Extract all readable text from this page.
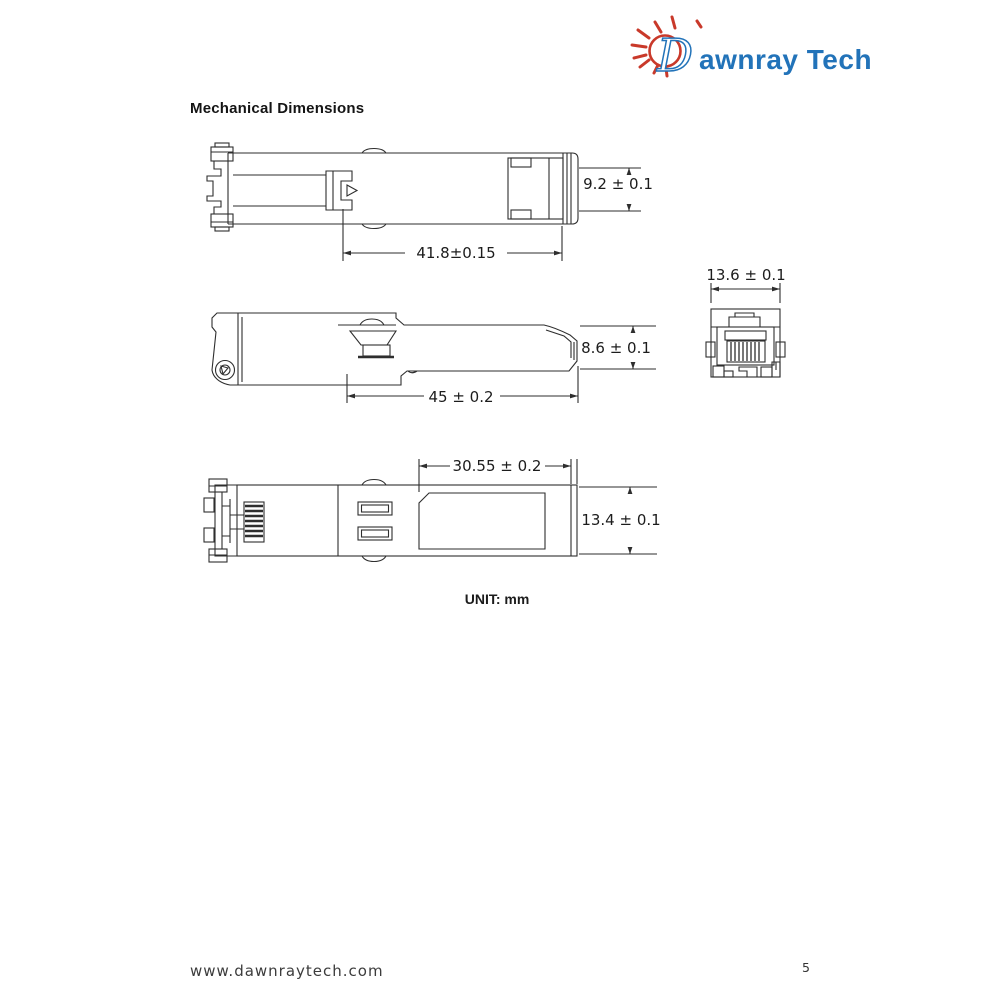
D awnray Tech
Mechanical Dimensions
9.2 ± 0.1
41.8±0.15
13.6 ± 0.1
8.6 ± 0.1
45 ± 0.2
30.55 ± 0.2
13.4 ± 0.1
UNIT: mm
www.dawnraytech.com	5
